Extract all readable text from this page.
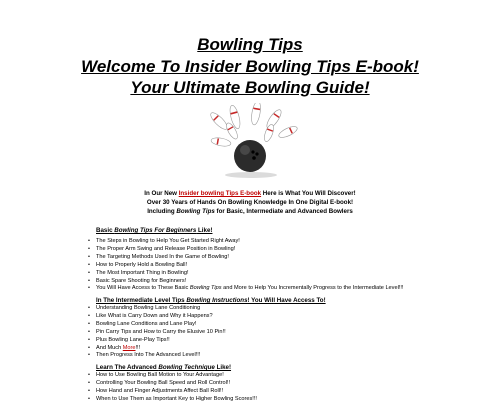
Bowling Tips
Welcome To Insider Bowling Tips E-book!
Your Ultimate Bowling Guide!
In Our New Insider bowling Tips E-book Here is What You Will Discover!
Over 30 Years of Hands On Bowling Knowledge In One Digital E-book!
Including Bowling Tips for Basic, Intermediate and Advanced Bowlers
Basic Bowling Tips For Beginners Like!
• The Steps in Bowling to Help You Get Started Right Away!
• The Proper Arm Swing and Release Position in Bowling!
• The Targeting Methods Used In the Game of Bowling!
• How to Properly Hold a Bowling Ball!
• The Most Important Thing in Bowling!
• Basic Spare Shooting for Beginners!
• You Will Have Access to These Basic Bowling Tips and More to Help You Incrementally Progress to the Intermediate Level!!!
In The Intermediate Level Tips Bowling Instructions! You Will Have Access To!
• Understanding Bowling Lane Conditioning
• Like What is Carry Down and Why it Happens?
• Bowling Lane Conditions and Lane Play!
• Pin Carry Tips and How to Carry the Elusive 10 Pin!!
• Plus Bowling Lane-Play Tips!!
• And Much More!!!
• Then Progress Into The Advanced Level!!!
Learn The Advanced Bowling Technique Like!
• How to Use Bowling Ball Motion to Your Advantage!
• Controlling Your Bowling Ball Speed and Roll Control!!
• How Hand and Finger Adjustments Affect Ball Roll!!
• When to Use Them as Important Key to Higher Bowling Scores!!!
